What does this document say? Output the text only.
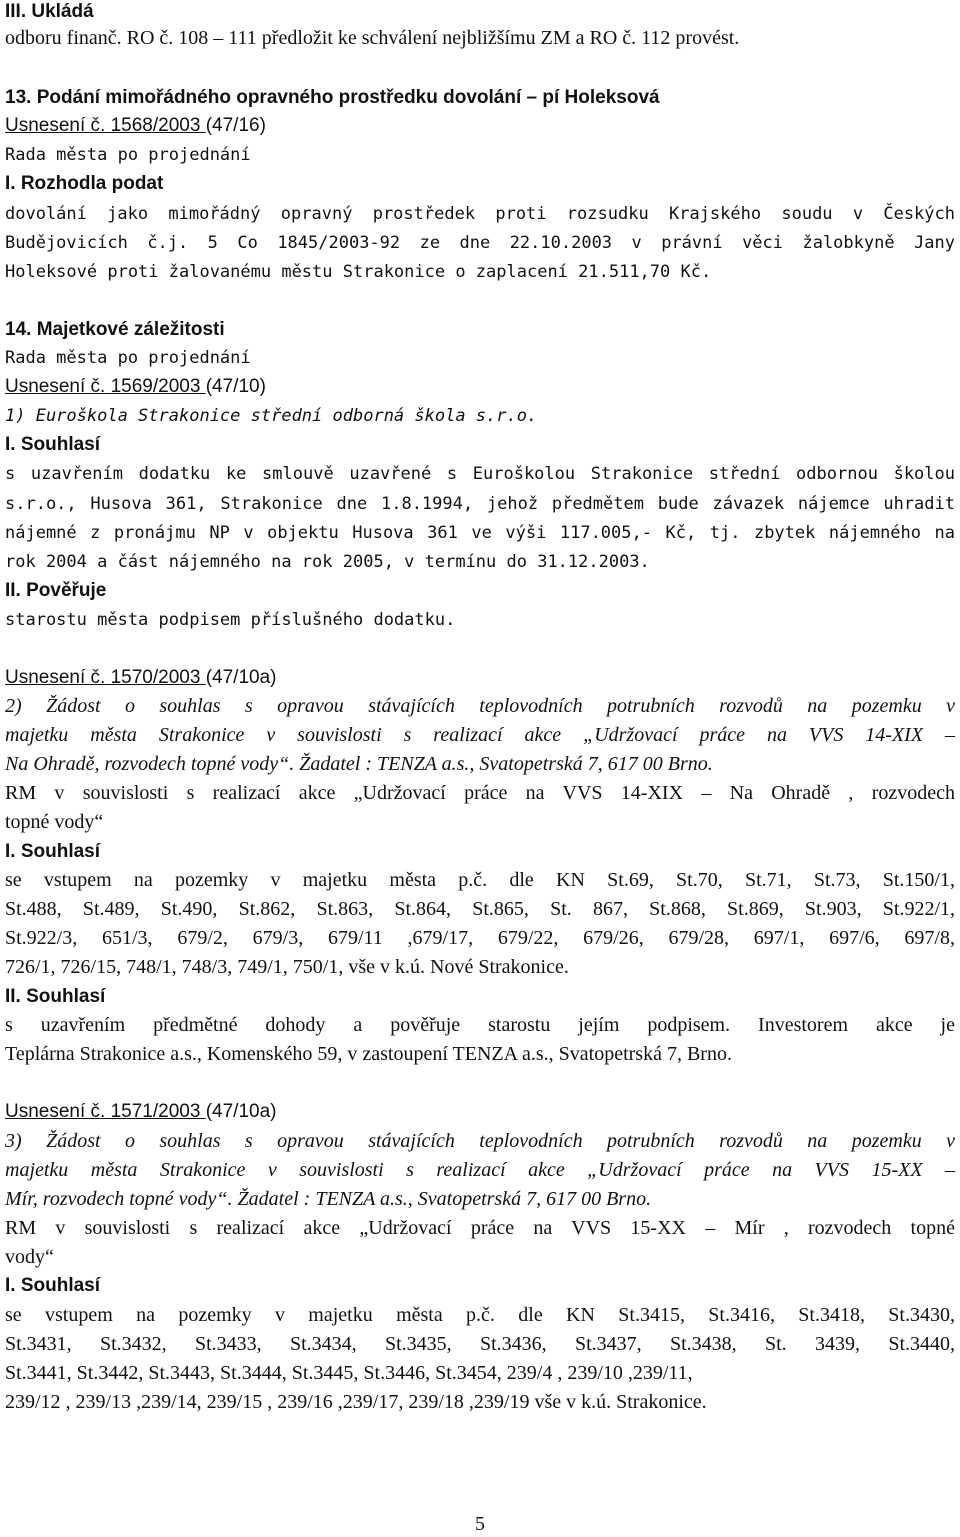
III. Ukládá
odboru finanč. RO č. 108 – 111 předložit ke schválení nejbližšímu ZM a RO č. 112 provést.
13. Podání mimořádného opravného prostředku dovolání – pí Holeksová
Usnesení č. 1568/2003 (47/16)
Rada města po projednání
I. Rozhodla podat
dovolání jako mimořádný opravný prostředek proti rozsudku Krajského soudu v Českých
Budějovicích č.j. 5 Co 1845/2003-92 ze dne 22.10.2003 v právní věci žalobkyně Jany
Holeksové proti žalovanému městu Strakonice o zaplacení 21.511,70 Kč.
14. Majetkové záležitosti
Rada města po projednání
Usnesení č. 1569/2003 (47/10)
1) Euroškola Strakonice střední odborná škola s.r.o.
I. Souhlasí
s uzavřením dodatku ke smlouvě uzavřené s Euroškolou Strakonice střední odbornou školou
s.r.o., Husova 361, Strakonice dne 1.8.1994, jehož předmětem bude závazek nájemce uhradit
nájemné z pronájmu NP v objektu Husova 361 ve výši 117.005,- Kč, tj. zbytek nájemného na
rok 2004 a část nájemného na rok 2005, v termínu do 31.12.2003.
II. Pověřuje
starostu města podpisem příslušného dodatku.
Usnesení č. 1570/2003 (47/10a)
2) Žádost o souhlas s opravou stávajících teplovodních potrubních rozvodů na pozemku v
majetku města Strakonice v souvislosti s realizací akce „Udržovací práce na VVS 14-XIX –
Na Ohradě, rozvodech topné vody“. Žadatel : TENZA a.s., Svatopetrská 7, 617 00 Brno.
RM v souvislosti s realizací akce „Udržovací práce na VVS 14-XIX – Na Ohradě , rozvodech
topné vody“
I. Souhlasí
se vstupem na pozemky v majetku města p.č. dle KN St.69, St.70, St.71, St.73, St.150/1,
St.488, St.489, St.490, St.862, St.863, St.864, St.865, St. 867, St.868, St.869, St.903, St.922/1,
St.922/3, 651/3, 679/2, 679/3, 679/11 ,679/17, 679/22, 679/26, 679/28, 697/1, 697/6, 697/8,
726/1, 726/15, 748/1, 748/3, 749/1, 750/1, vše v k.ú. Nové Strakonice.
II. Souhlasí
s uzavřením předmětné dohody a pověřuje starostu jejím podpisem. Investorem akce je
Teplárna Strakonice a.s., Komenského 59, v zastoupení TENZA a.s., Svatopetrská 7, Brno.
Usnesení č. 1571/2003 (47/10a)
3) Žádost o souhlas s opravou stávajících teplovodních potrubních rozvodů na pozemku v
majetku města Strakonice v souvislosti s realizací akce „Udržovací práce na VVS 15-XX –
Mír, rozvodech topné vody“. Žadatel : TENZA a.s., Svatopetrská 7, 617 00 Brno.
RM v souvislosti s realizací akce „Udržovací práce na VVS 15-XX – Mír , rozvodech topné
vody“
I. Souhlasí
se vstupem na pozemky v majetku města p.č. dle KN St.3415, St.3416, St.3418, St.3430,
St.3431, St.3432, St.3433, St.3434, St.3435, St.3436, St.3437, St.3438, St. 3439, St.3440,
St.3441, St.3442, St.3443, St.3444, St.3445, St.3446, St.3454, 239/4 , 239/10 ,239/11,
239/12 , 239/13 ,239/14, 239/15 , 239/16 ,239/17, 239/18 ,239/19 vše v k.ú. Strakonice.
5
